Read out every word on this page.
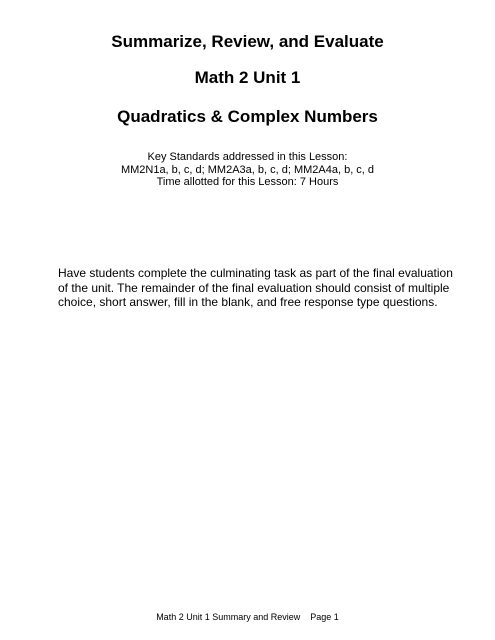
Summarize, Review, and Evaluate
Math 2 Unit 1
Quadratics & Complex Numbers
Key Standards addressed in this Lesson:
MM2N1a, b, c, d; MM2A3a, b, c, d; MM2A4a, b, c, d
Time allotted for this Lesson: 7 Hours

Have students complete the culminating task as part of the final evaluation of the unit. The remainder of the final evaluation should consist of multiple choice, short answer, fill in the blank, and free response type questions.

Math 2 Unit 1 Summary and Review Page 1
